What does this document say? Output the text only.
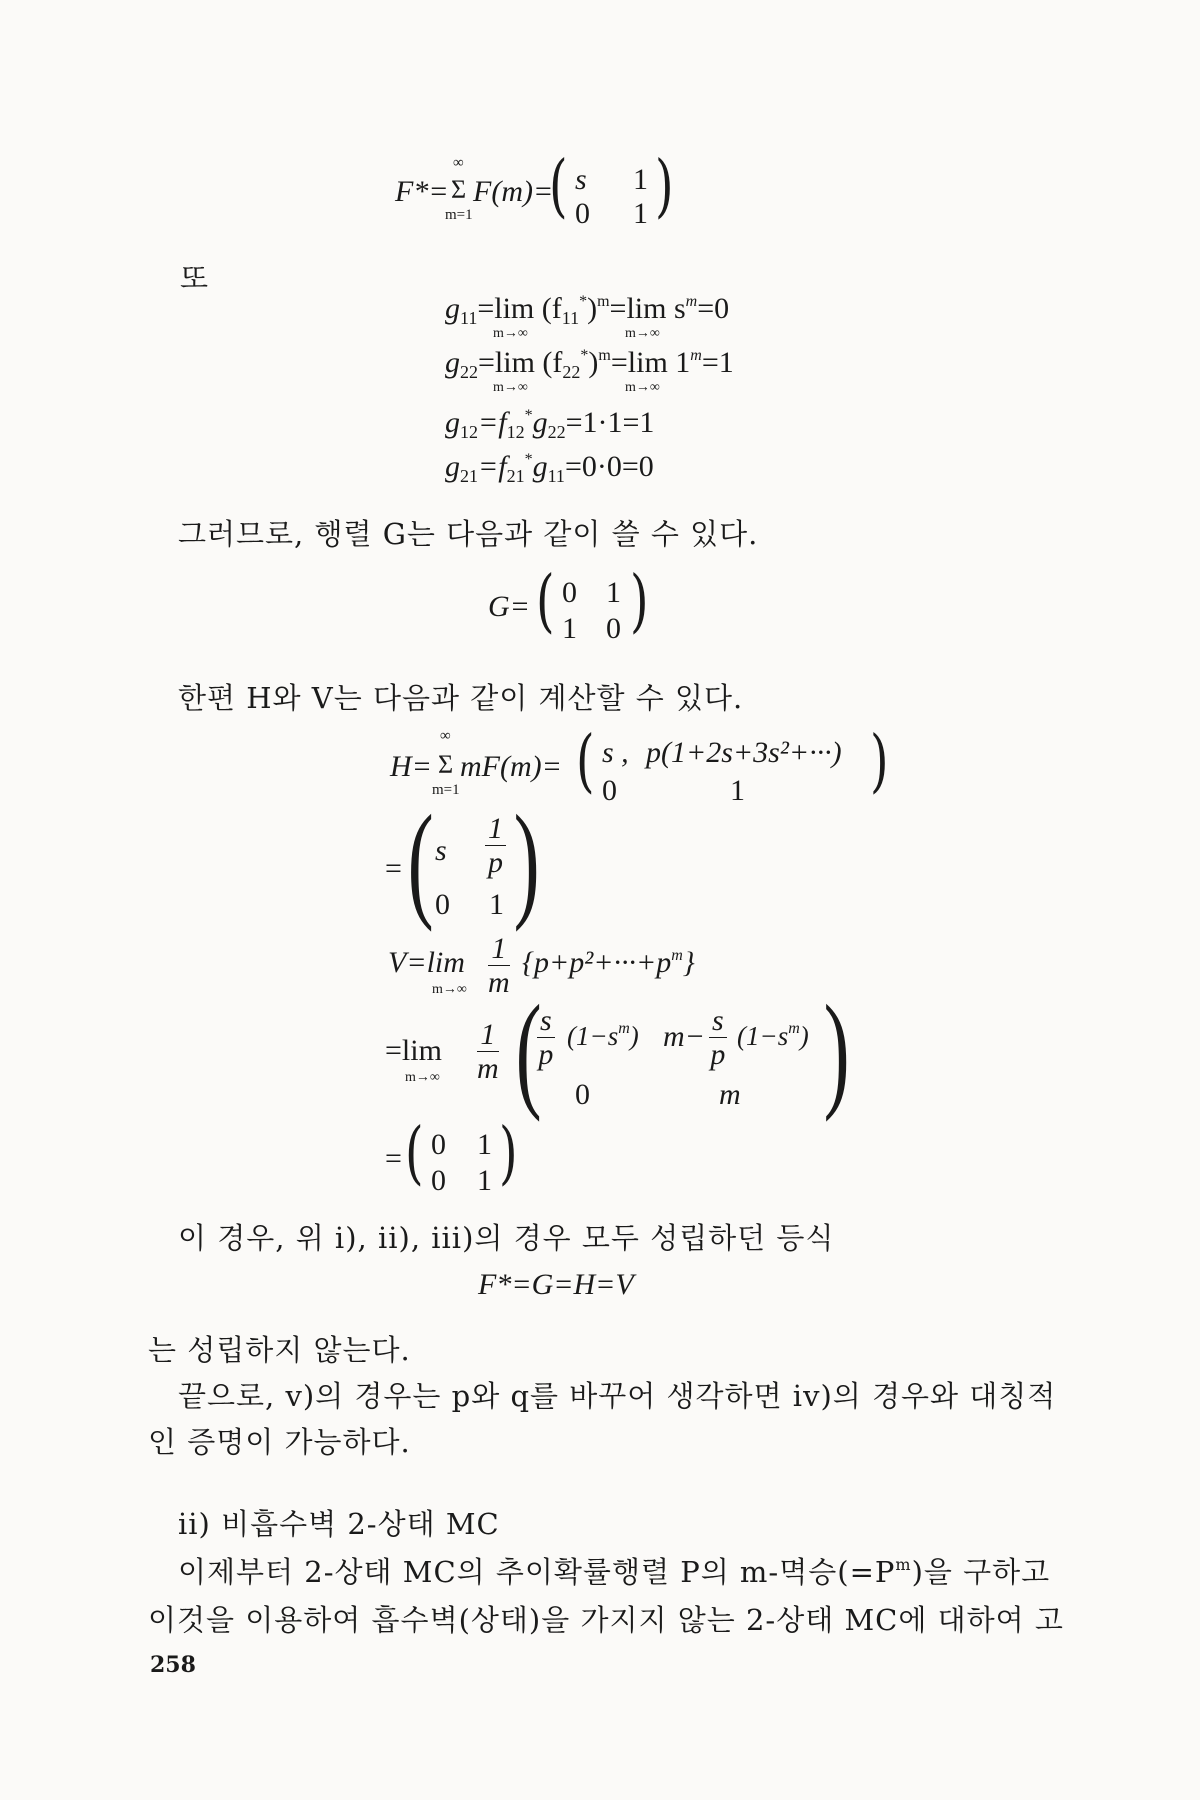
F*=
∞
Σ
m=1
F(m)=
( s 1
0 1 )
또
$g_{11}=\lim$ $(f_{11}^*)^m=\lim$ $s^m=0$
m→∞	m→∞
$g_{22}=\lim$ $(f_{22}^*)^m=\lim$ $1^m=1$
m→∞	m→∞
$g_{12}=f_{12}^*g_{22}=1\cdot 1=1$
$g_{21}=f_{21}^*g_{11}=0\cdot 0=0$
그러므로, 행렬 G는 다음과 같이 쓸 수 있다.
G= ( 0 1
1 0 )
한편 H와 V는 다음과 같이 계산할 수 있다.
H=
∞
Σ
m=1
mF(m)= ( s , p(1+2s+3s²+···)
0	1 )
= ( s $\frac{1}{p}$
0 1 )
V=lim
$m\to\infty \frac{1}{m} \{p+p^2+\cdot\cdot\cdot+p^m\}$
=lim
$m\to\infty \frac{1}{m}$ (
$\frac{s}{p} (1-s^m)$ $m- \frac{s}{p} (1-s^m)$
0	m )
= ( 0 1
0 1 )
이 경우, 위 i), ii), iii)의 경우 모두 성립하던 등식
F*=G=H=V
는 성립하지 않는다.
끝으로, v)의 경우는 p와 q를 바꾸어 생각하면 iv)의 경우와 대칭적
인 증명이 가능하다.
ii) 비흡수벽 2-상태 MC
이제부터 2-상태 MC의 추이확률행렬 P의 m-멱승$(=P^m)$을 구하고
이것을 이용하여 흡수벽(상태)을 가지지 않는 2-상태 MC에 대하여 고
258
